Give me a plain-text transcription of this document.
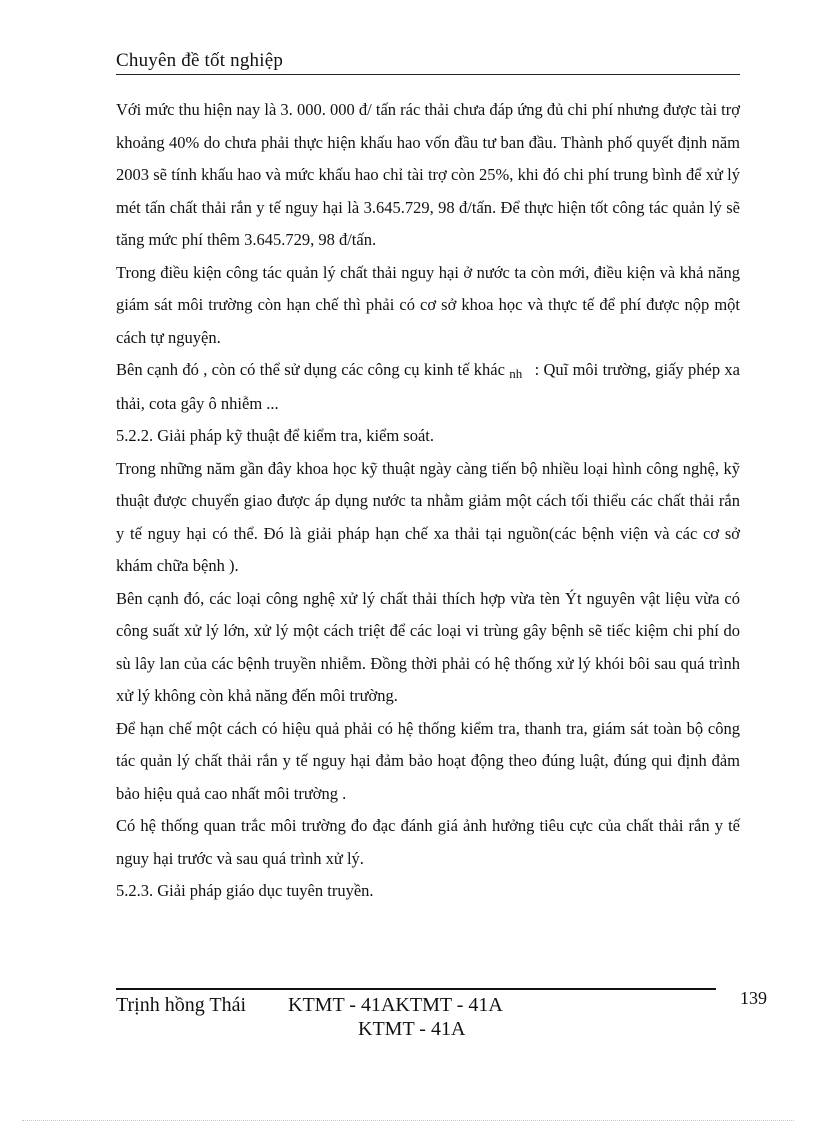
Chuyên đề tốt nghiệp

Với mức thu hiện nay là 3. 000. 000 đ/ tấn rác thải chưa đáp ứng đủ chi phí nhưng được tài trợ khoảng 40% do chưa phải thực hiện khấu hao vốn đầu tư ban đầu. Thành phố quyết định năm 2003 sẽ tính khấu hao và mức khấu hao chỉ tài trợ còn 25%, khi đó chi phí trung bình để xử lý mét tấn chất thải rắn y tế nguy hại là 3.645.729, 98 đ/tấn. Để thực hiện tốt công tác quản lý sẽ tăng mức phí thêm 3.645.729, 98 đ/tấn.

Trong điều kiện công tác quản lý chất thải nguy hại ở nước ta còn mới, điều kiện và khả năng giám sát môi trường còn hạn chế thì phải có cơ sở khoa học và thực tế để phí được nộp một cách tự nguyện.

Bên cạnh đó , còn có thể sử dụng các công cụ kinh tế khác nh : Quĩ môi trường, giấy phép xa thải, cota gây ô nhiễm ...

5.2.2. Giải pháp kỹ thuật để kiểm tra, kiểm soát.

Trong những năm gần đây khoa học kỹ thuật ngày càng tiến bộ nhiều loại hình công nghệ, kỹ thuật được chuyển giao được áp dụng nước ta nhằm giảm một cách tối thiểu các chất thải rắn y tế nguy hại có thể. Đó là giải pháp hạn chế xa thải tại nguồn(các bệnh viện và các cơ sở khám chữa bệnh ).

Bên cạnh đó, các loại công nghệ xử lý chất thải thích hợp vừa tèn Ýt nguyên vật liệu vừa có công suất xử lý lớn, xử lý một cách triệt để các loại vi trùng gây bệnh sẽ tiếc kiệm chi phí do sù lây lan của các bệnh truyền nhiễm. Đồng thời phải có hệ thống xử lý khói bôi sau quá trình xử lý không còn khả năng đến môi trường.

Để hạn chế một cách có hiệu quả phải có hệ thống kiểm tra, thanh tra, giám sát toàn bộ công tác quản lý chất thải rắn y tế nguy hại đảm bảo hoạt động theo đúng luật, đúng qui định đảm bảo hiệu quả cao nhất môi trường .

Có hệ thống quan trắc môi trường đo đạc đánh giá ảnh hưởng tiêu cực của chất thải rắn y tế nguy hại trước và sau quá trình xử lý.

5.2.3. Giải pháp giáo dục tuyên truyền.

139
Trịnh hồng Thái KTMT - 41AKTMT - 41A
KTMT - 41A
